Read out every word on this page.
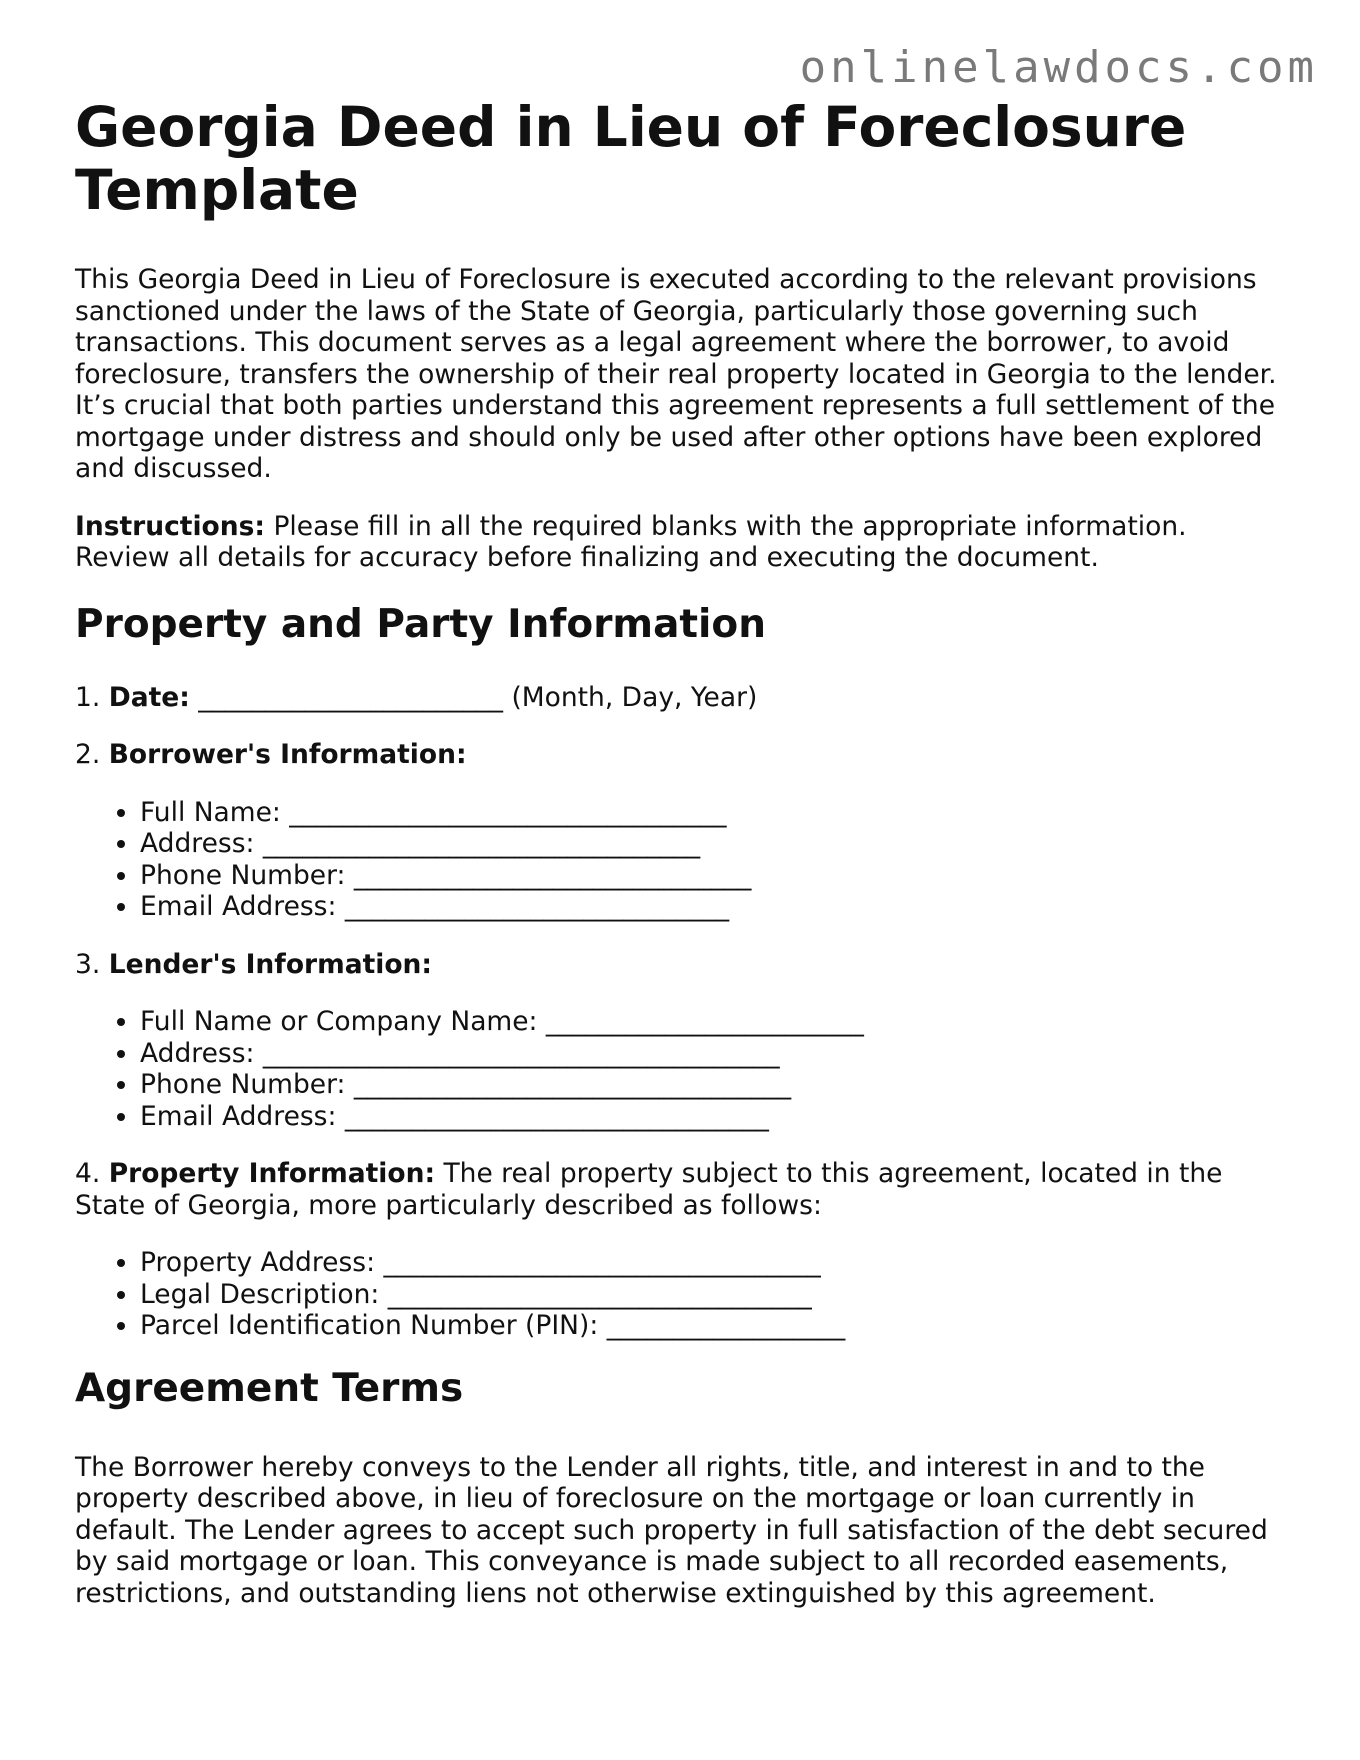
onlinelawdocs.com
Georgia Deed in Lieu of Foreclosure Template

This Georgia Deed in Lieu of Foreclosure is executed according to the relevant provisions sanctioned under the laws of the State of Georgia, particularly those governing such transactions. This document serves as a legal agreement where the borrower, to avoid foreclosure, transfers the ownership of their real property located in Georgia to the lender. It’s crucial that both parties understand this agreement represents a full settlement of the mortgage under distress and should only be used after other options have been explored and discussed.

Instructions: Please fill in all the required blanks with the appropriate information. Review all details for accuracy before finalizing and executing the document.

Property and Party Information

1. Date: _______________________ (Month, Day, Year)

2. Borrower's Information:

• Full Name: _________________________________
• Address: _________________________________
• Phone Number: ______________________________
• Email Address: _____________________________

3. Lender's Information:

• Full Name or Company Name: ________________________
• Address: _______________________________________
• Phone Number: _________________________________
• Email Address: ________________________________

4. Property Information: The real property subject to this agreement, located in the State of Georgia, more particularly described as follows:

• Property Address: _________________________________
• Legal Description: ________________________________
• Parcel Identification Number (PIN): __________________
Agreement Terms

The Borrower hereby conveys to the Lender all rights, title, and interest in and to the property described above, in lieu of foreclosure on the mortgage or loan currently in default. The Lender agrees to accept such property in full satisfaction of the debt secured by said mortgage or loan. This conveyance is made subject to all recorded easements, restrictions, and outstanding liens not otherwise extinguished by this agreement.
